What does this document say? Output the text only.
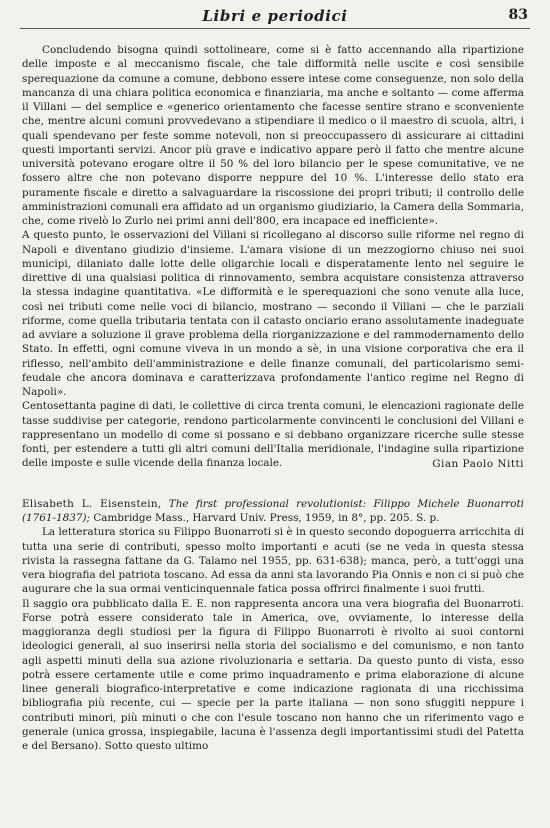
Libri e periodici	83

Concludendo bisogna quindi sottolineare, come si è fatto accennando alla ripartizione delle imposte e al meccanismo fiscale, che tale difformità nelle uscite e così sensibile sperequazione da comune a comune, debbono essere intese come conseguenze, non solo della mancanza di una chiara politica economica e finanziaria, ma anche e soltanto — come afferma il Villani — del semplice e «generico orientamento che facesse sentire strano e sconveniente che, mentre alcuni comuni provvedevano a stipendiare il medico o il maestro di scuola, altri, i quali spendevano per feste somme notevoli, non si preoccupassero di assicurare ai cittadini questi importanti servizi. Ancor più grave e indicativo appare però il fatto che mentre alcune università potevano erogare oltre il 50 % del loro bilancio per le spese comunitative, ve ne fossero altre che non potevano disporre neppure del 10 %. L'interesse dello stato era puramente fiscale e diretto a salvaguardare la riscossione dei propri tributi; il controllo delle amministrazioni comunali era affidato ad un organismo giudiziario, la Camera della Sommaria, che, come rivelò lo Zurlo nei primi anni dell'800, era incapace ed inefficiente».

A questo punto, le osservazioni del Villani si ricollegano al discorso sulle riforme nel regno di Napoli e diventano giudizio d'insieme. L'amara visione di un mezzogiorno chiuso nei suoi municipi, dilaniato dalle lotte delle oligarchie locali e disperatamente lento nel seguire le direttive di una qualsiasi politica di rinnovamento, sembra acquistare consistenza attraverso la stessa indagine quantitativa. «Le difformità e le sperequazioni che sono venute alla luce, così nei tributi come nelle voci di bilancio, mostrano — secondo il Villani — che le parziali riforme, come quella tributaria tentata con il catasto onciario erano assolutamente inadeguate ad avviare a soluzione il grave problema della riorganizzazione e del rammodernamento dello Stato. In effetti, ogni comune viveva in un mondo a sè, in una visione corporativa che era il riflesso, nell'ambito dell'amministrazione e delle finanze comunali, del particolarismo semi-feudale che ancora dominava e caratterizzava profondamente l'antico regime nel Regno di Napoli».

Centosettanta pagine di dati, le collettive di circa trenta comuni, le elencazioni ragionate delle tasse suddivise per categorie, rendono particolarmente convincenti le conclusioni del Villani e rappresentano un modello di come si possano e si debbano organizzare ricerche sulle stesse fonti, per estendere a tutti gli altri comuni dell'Italia meridionale, l'indagine sulla ripartizione delle imposte e sulle vicende della finanza locale.	Gian Paolo Nitti
Elisabeth L. Eisenstein, The first professional revolutionist: Filippo Michele Buonarroti (1761-1837); Cambridge Mass., Harvard Univ. Press, 1959, in 8°, pp. 205. S. p.

La letteratura storica su Filippo Buonarroti si è in questo secondo dopoguerra arricchita di tutta una serie di contributi, spesso molto importanti e acuti (se ne veda in questa stessa rivista la rassegna fattane da G. Talamo nel 1955, pp. 631-638); manca, però, a tutt'oggi una vera biografia del patriota toscano. Ad essa da anni sta lavorando Pia Onnis e non ci si può che augurare che la sua ormai venticinquennale fatica possa offrirci finalmente i suoi frutti.

Il saggio ora pubblicato dalla E. E. non rappresenta ancora una vera biografia del Buonarroti. Forse potrà essere considerato tale in America, ove, ovviamente, lo interesse della maggioranza degli studiosi per la figura di Filippo Buonarroti è rivolto ai suoi contorni ideologici generali, al suo inserirsi nella storia del socialismo e del comunismo, e non tanto agli aspetti minuti della sua azione rivoluzionaria e settaria. Da questo punto di vista, esso potrà essere certamente utile e come primo inquadramento e prima elaborazione di alcune linee generali biografico-interpretative e come indicazione ragionata di una ricchissima bibliografia più recente, cui — specie per la parte italiana — non sono sfuggiti neppure i contributi minori, più minuti o che con l'esule toscano non hanno che un riferimento vago e generale (unica grossa, inspiegabile, lacuna è l'assenza degli importantissimi studi del Patetta e del Bersano). Sotto questo ultimo
